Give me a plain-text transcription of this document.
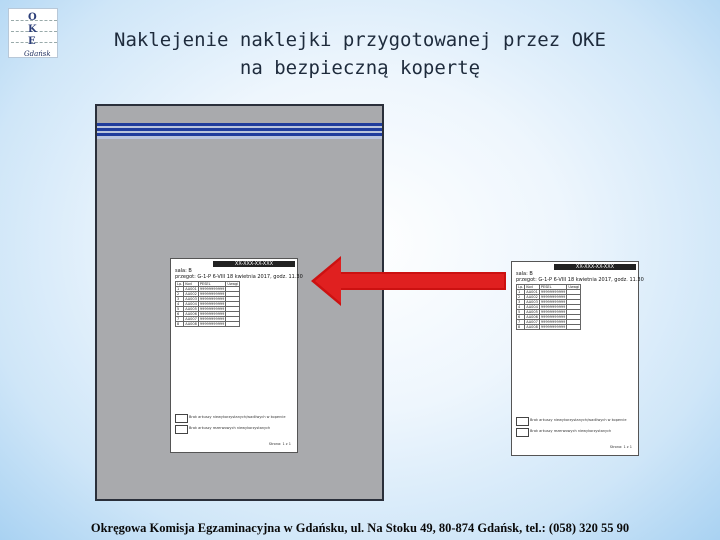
O
K
E
Gdańsk
Naklejenie naklejki przygotowanej przez OKE
na bezpieczną kopertę
XX-XXX-XX-XXX
sala: B
przegot: G-1-P 6-VIII 18 kwietnia 2017, godz. 11.30
Lp.	Kod	PESEL	Uwagi
1	AA001	99999999999	
2	AA002	99999999999	
3	AA003	99999999999	
4	AA004	99999999999	
5	AA005	99999999999	
6	AA006	99999999999	
7	AA007	99999999999	
8	AA008	99999999999	
Brak arkuszy niewykorzystanych/wadliwych w kopercie
Brak arkuszy rezerwowych niewykorzystanych
Strona: 1 z 1
XX-XXX-XX-XXX
sala: B
przegot: G-1-P 6-VIII 18 kwietnia 2017, godz. 11.30
Lp.	Kod	PESEL	Uwagi
1	AA001	99999999999	
2	AA002	99999999999	
3	AA003	99999999999	
4	AA004	99999999999	
5	AA005	99999999999	
6	AA006	99999999999	
7	AA007	99999999999	
8	AA008	99999999999	
Brak arkuszy niewykorzystanych/wadliwych w kopercie
Brak arkuszy rezerwowych niewykorzystanych
Strona: 1 z 1
Okręgowa Komisja Egzaminacyjna w Gdańsku, ul. Na Stoku 49, 80-874 Gdańsk, tel.: (058) 320 55 90
